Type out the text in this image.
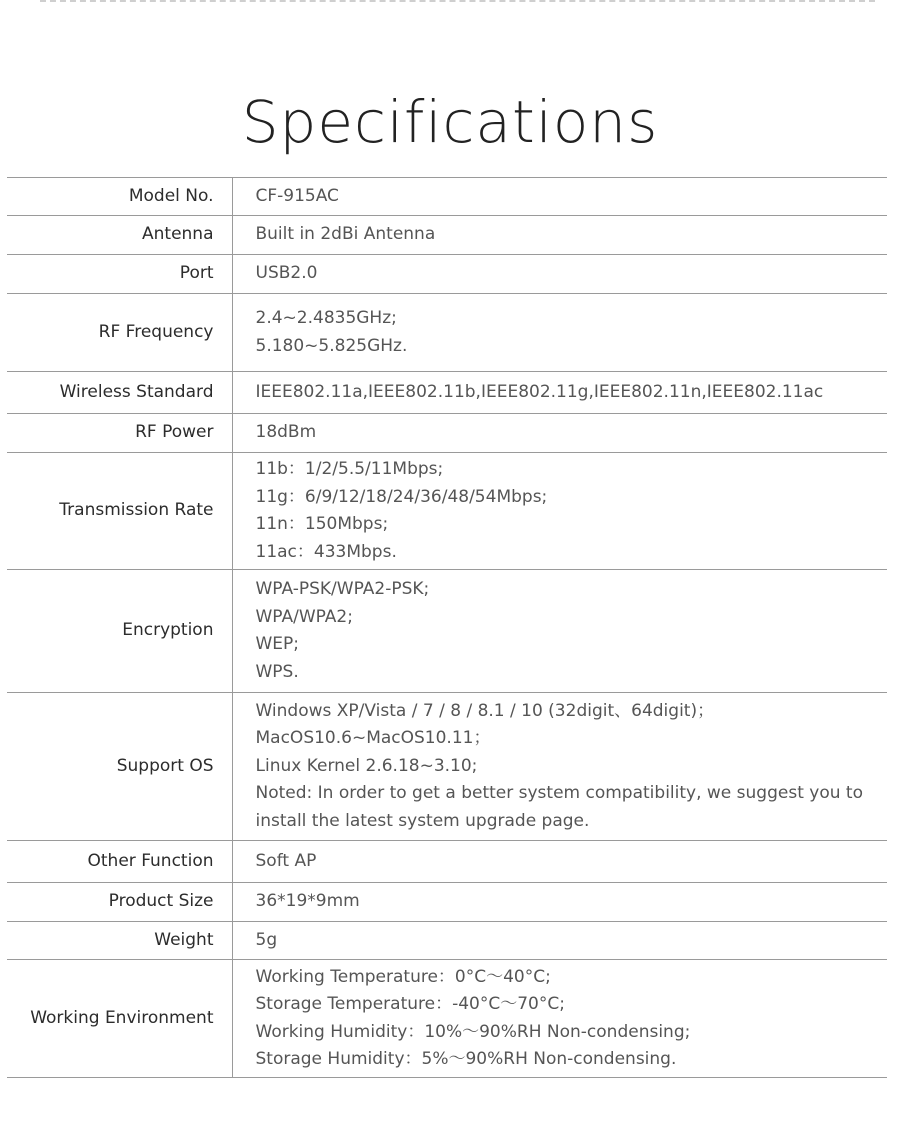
Specifications
Model No.	CF-915AC

Antenna	Built in 2dBi Antenna

Port	USB2.0

RF Frequency	2.4~2.4835GHz;
5.180~5.825GHz.

Wireless Standard	IEEE802.11a,IEEE802.11b,IEEE802.11g,IEEE802.11n,IEEE802.11ac

RF Power	18dBm

Transmission Rate	11b：1/2/5.5/11Mbps;
11g：6/9/12/18/24/36/48/54Mbps;
11n：150Mbps;
11ac：433Mbps.

Encryption	WPA-PSK/WPA2-PSK;
WPA/WPA2;
WEP;
WPS.

Support OS	Windows XP/Vista / 7 / 8 / 8.1 / 10 (32digit、64digit)；
MacOS10.6~MacOS10.11；
Linux Kernel 2.6.18~3.10;
Noted: In order to get a better system compatibility, we suggest you to install the latest system upgrade page.

Other Function	Soft AP

Product Size	36*19*9mm

Weight	5g

Working Environment	Working Temperature：0°C～40°C;
Storage Temperature：-40°C～70°C;
Working Humidity：10%～90%RH Non-condensing;
Storage Humidity：5%～90%RH Non-condensing.
